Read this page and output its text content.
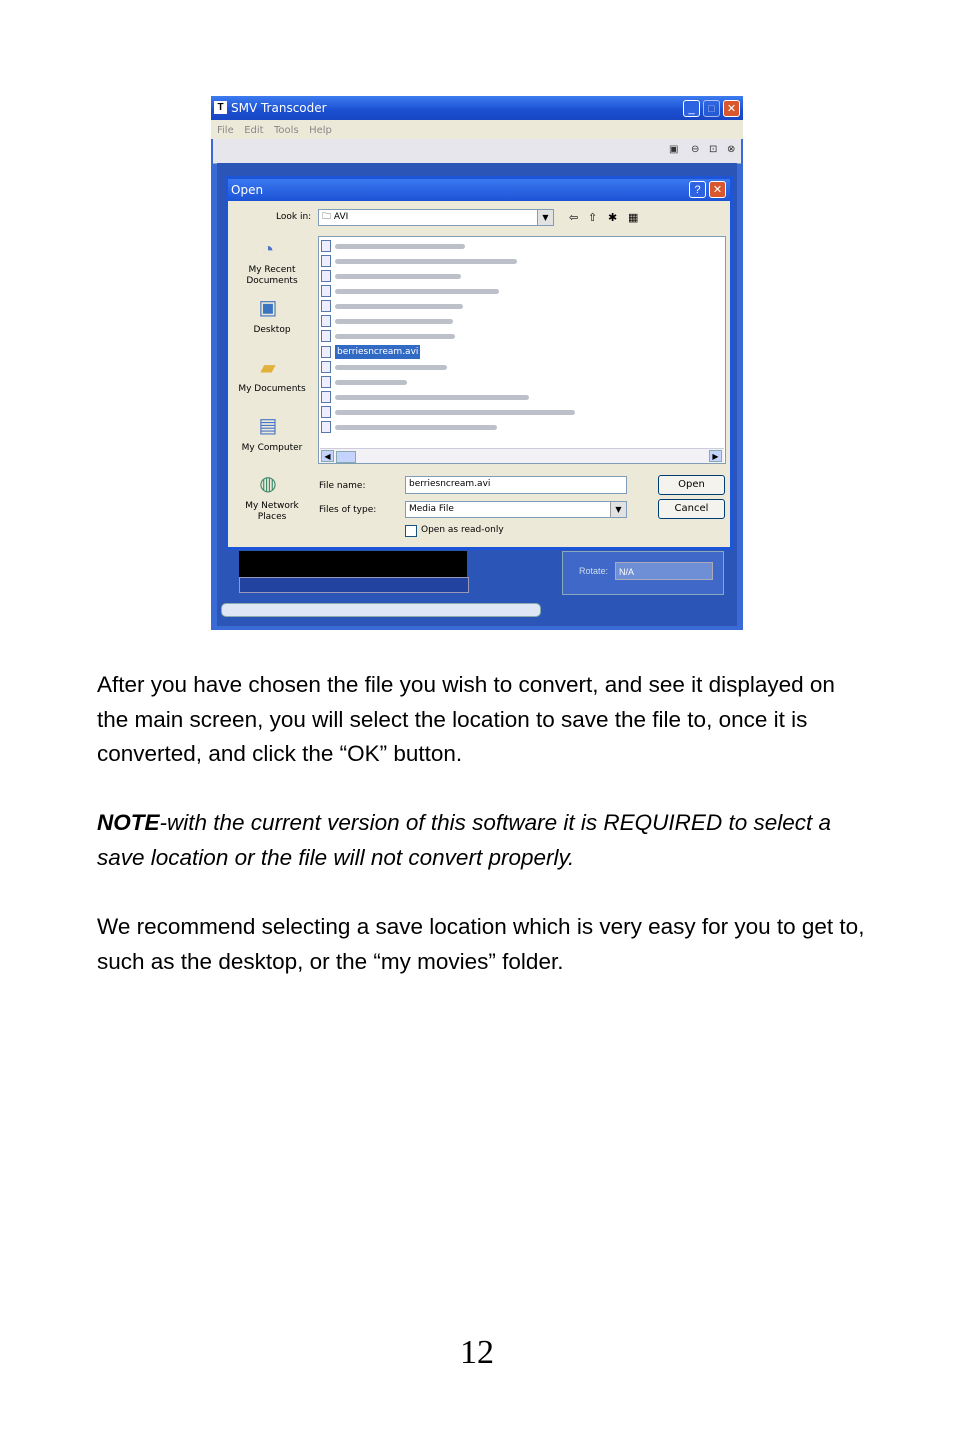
T SMV Transcoder	_	□	✕
File Edit Tools Help
▣ ⊖ ⊡ ⊗
Rotate:	N/A
Open	?	✕
Look in:	🗀 AVI	▼	⇦ ⇧ ✱ ▦
◔
My Recent Documents
▣
Desktop
▰
My Documents
▤
My Computer
◍
My Network Places
berriesncream.avi
◀	▶
File name:	berriesncream.avi
Files of type:	Media File	▼
Open as read-only
Open
Cancel

After you have chosen the file you wish to convert, and see it displayed on the main screen, you will select the location to save the file to, once it is converted, and click the “OK” button.

NOTE-with the current version of this software it is REQUIRED to select a save location or the file will not convert properly.

We recommend selecting a save location which is very easy for you to get to, such as the desktop, or the “my movies” folder.

12
